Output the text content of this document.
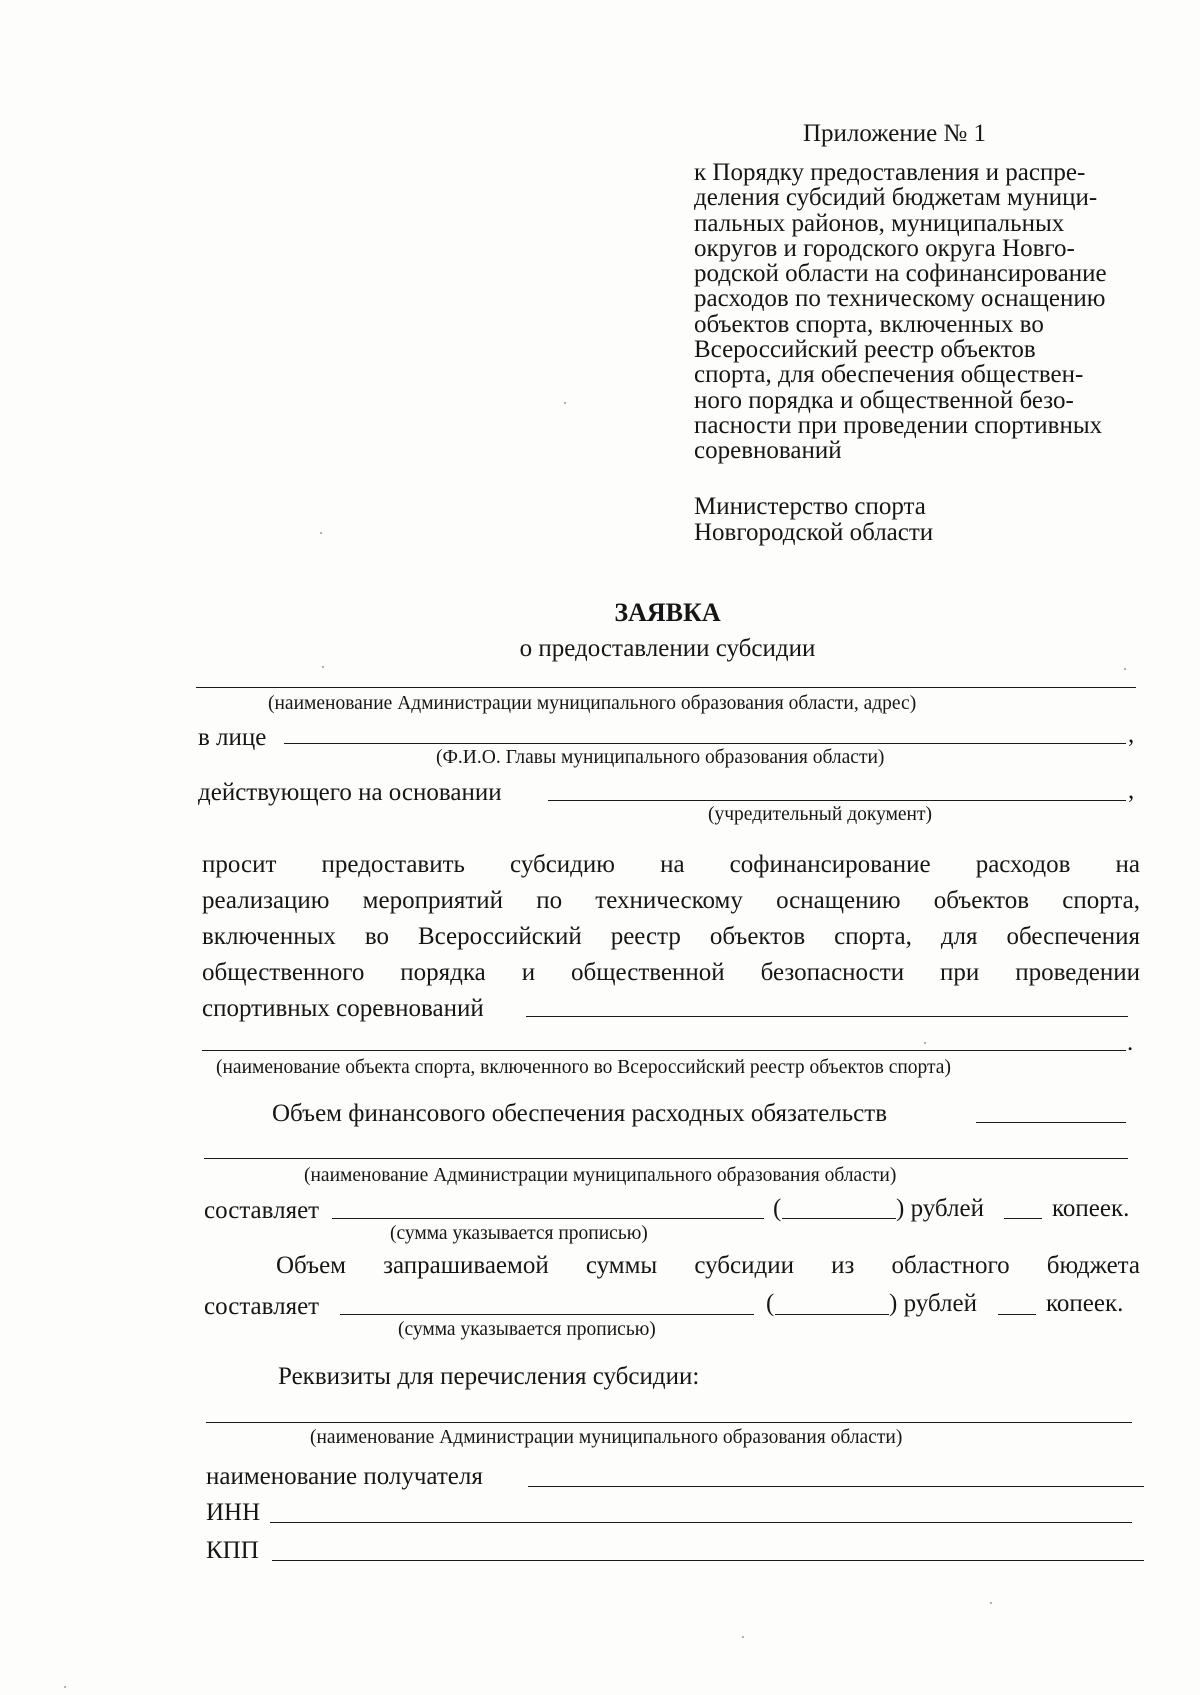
Приложение № 1
к Порядку предоставления и распре-
деления субсидий бюджетам муници-
пальных районов, муниципальных
округов и городского округа Новго-
родской области на софинансирование
расходов по техническому оснащению
объектов спорта, включенных во
Всероссийский реестр объектов
спорта, для обеспечения обществен-
ного порядка и общественной безо-
пасности при проведении спортивных
соревнований
Министерство спорта
Новгородской области
ЗАЯВКА
о предоставлении субсидии
(наименование Администрации муниципального образования области, адрес)
в лице	,
(Ф.И.О. Главы муниципального образования области)
действующего на основании	,
(учредительный документ)
просит предоставить субсидию на софинансирование расходов на
реализацию мероприятий по техническому оснащению объектов спорта,
включенных во Всероссийский реестр объектов спорта, для обеспечения
общественного порядка и общественной безопасности при проведении
спортивных соревнований
.
(наименование объекта спорта, включенного во Всероссийский реестр объектов спорта)
Объем финансового обеспечения расходных обязательств
(наименование Администрации муниципального образования области)
составляет	(	) рублей	копеек.
(сумма указывается прописью)
Объем запрашиваемой суммы субсидии из областного бюджета
составляет	(	) рублей	копеек.
(сумма указывается прописью)
Реквизиты для перечисления субсидии:
(наименование Администрации муниципального образования области)
наименование получателя
ИНН
КПП
